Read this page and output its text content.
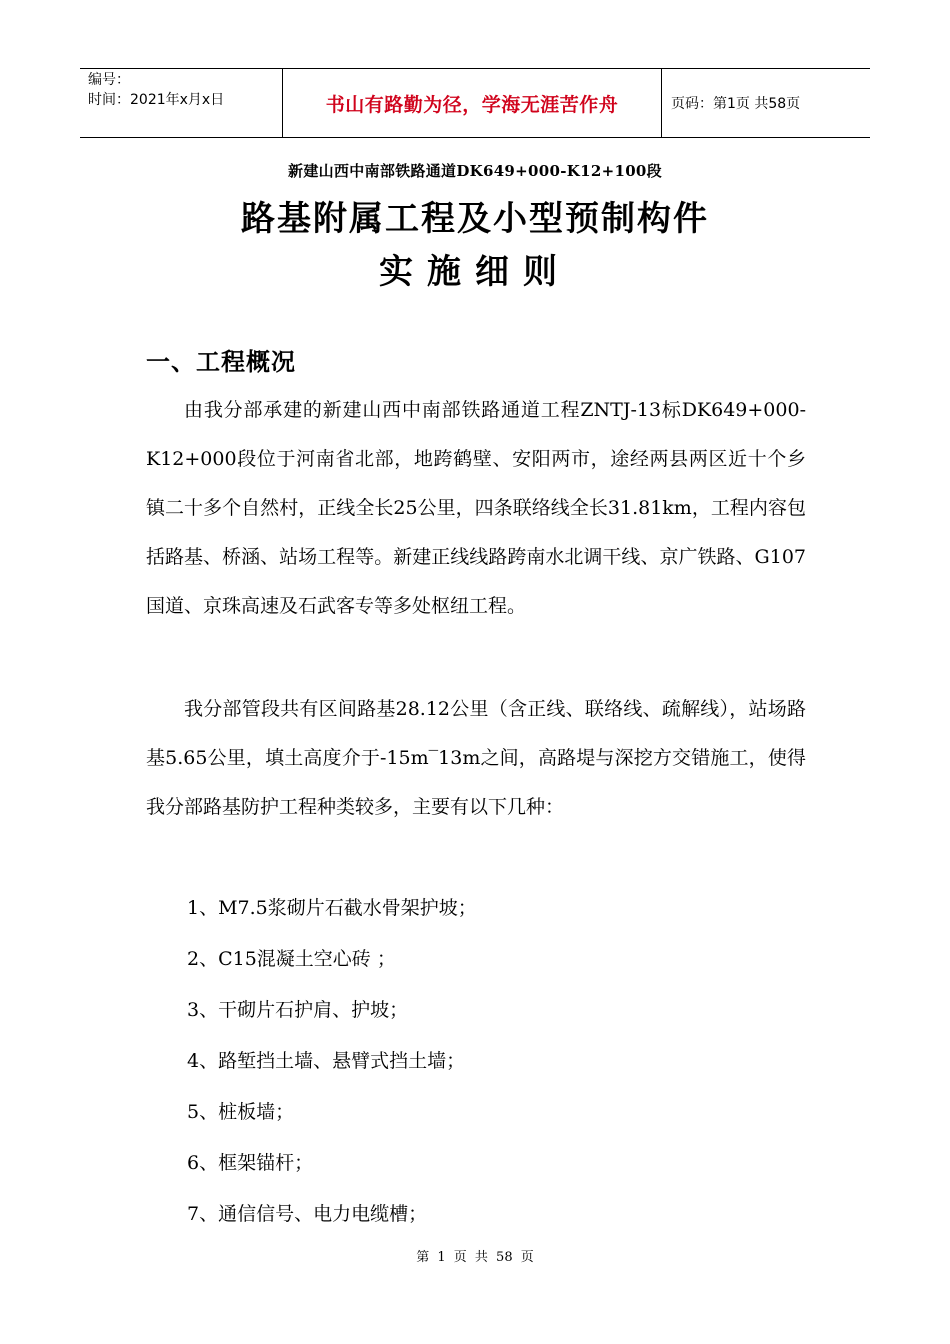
编号：
时间：2021年x月x日	书山有路勤为径，学海无涯苦作舟	页码：第1页 共58页
新建山西中南部铁路通道DK649+000-K12+100段
路基附属工程及小型预制构件
实施细则
一、工程概况

由我分部承建的新建山西中南部铁路通道工程ZNTJ-13标DK649+000-K12+000段位于河南省北部，地跨鹤壁、安阳两市，途经两县两区近十个乡镇二十多个自然村，正线全长25公里，四条联络线全长31.81km，工程内容包括路基、桥涵、站场工程等。新建正线线路跨南水北调干线、京广铁路、G107国道、京珠高速及石武客专等多处枢纽工程。

我分部管段共有区间路基28.12公里（含正线、联络线、疏解线），站场路基5.65公里，填土高度介于-15m‾13m之间，高路堤与深挖方交错施工，使得我分部路基防护工程种类较多，主要有以下几种：

1、M7.5浆砌片石截水骨架护坡；
2、C15混凝土空心砖 ；
3、干砌片石护肩、护坡；
4、路堑挡土墙、悬臂式挡土墙；
5、桩板墙；
6、框架锚杆；
7、通信信号、电力电缆槽；
第 1 页 共 58 页
